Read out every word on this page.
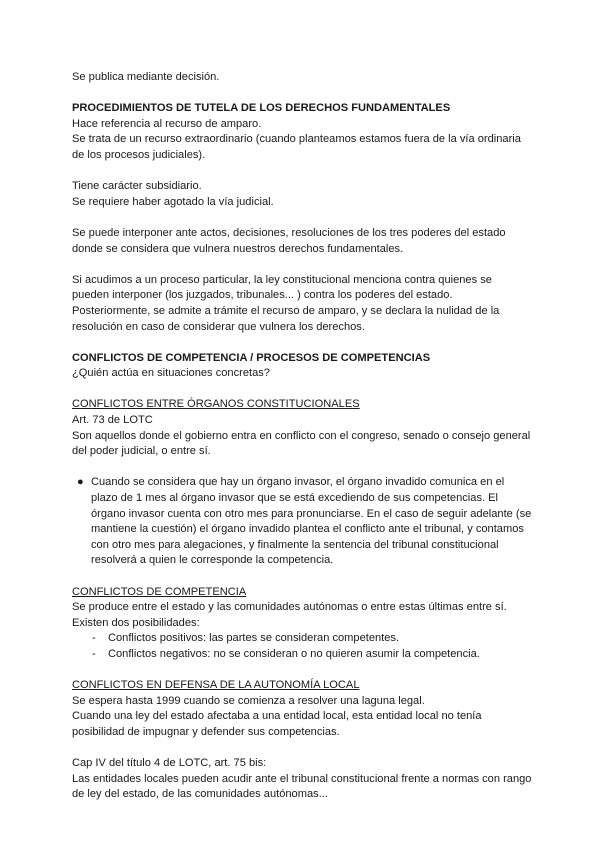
Se publica mediante decisión.

PROCEDIMIENTOS DE TUTELA DE LOS DERECHOS FUNDAMENTALES

Hace referencia al recurso de amparo.

Se trata de un recurso extraordinario (cuando planteamos estamos fuera de la vía ordinaria de los procesos judiciales).

Tiene carácter subsidiario.

Se requiere haber agotado la vía judicial.

Se puede interponer ante actos, decisiones, resoluciones de los tres poderes del estado donde se considera que vulnera nuestros derechos fundamentales.

Si acudimos a un proceso particular, la ley constitucional menciona contra quienes se pueden interponer (los juzgados, tribunales... ) contra los poderes del estado. Posteriormente, se admite a trámite el recurso de amparo, y se declara la nulidad de la resolución en caso de considerar que vulnera los derechos.

CONFLICTOS DE COMPETENCIA / PROCESOS DE COMPETENCIAS

¿Quién actúa en situaciones concretas?

CONFLICTOS ENTRE ÓRGANOS CONSTITUCIONALES

Art. 73 de LOTC

Son aquellos donde el gobierno entra en conflicto con el congreso, senado o consejo general del poder judicial, o entre sí.

● Cuando se considera que hay un órgano invasor, el órgano invadido comunica en el plazo de 1 mes al órgano invasor que se está excediendo de sus competencias. El órgano invasor cuenta con otro mes para pronunciarse. En el caso de seguir adelante (se mantiene la cuestión) el órgano invadido plantea el conflicto ante el tribunal, y contamos con otro mes para alegaciones, y finalmente la sentencia del tribunal constitucional resolverá a quien le corresponde la competencia.

CONFLICTOS DE COMPETENCIA

Se produce entre el estado y las comunidades autónomas o entre estas últimas entre sí.

Existen dos posibilidades:

- Conflictos positivos: las partes se consideran competentes.
- Conflictos negativos: no se consideran o no quieren asumir la competencia.

CONFLICTOS EN DEFENSA DE LA AUTONOMÍA LOCAL

Se espera hasta 1999 cuando se comienza a resolver una laguna legal.

Cuando una ley del estado afectaba a una entidad local, esta entidad local no tenía posibilidad de impugnar y defender sus competencias.

Cap IV del título 4 de LOTC, art. 75 bis:

Las entidades locales pueden acudir ante el tribunal constitucional frente a normas con rango de ley del estado, de las comunidades autónomas...
